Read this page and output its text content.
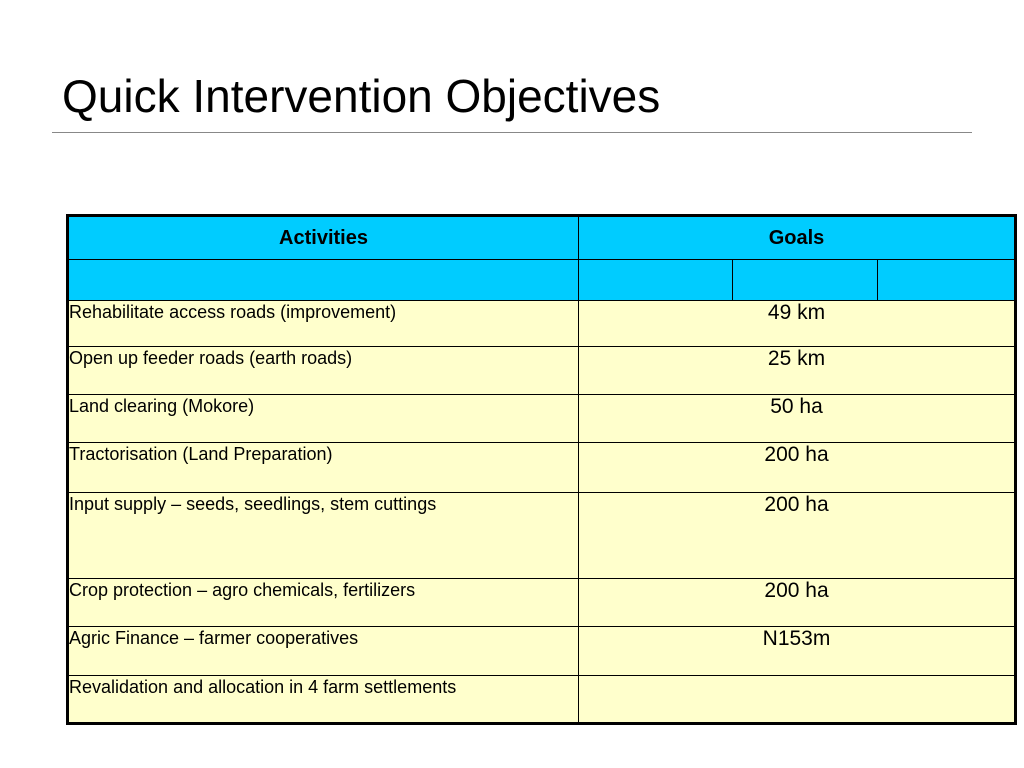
Quick Intervention Objectives
Activities	Goals		

Rehabilitate access roads (improvement)	49 km		
Open up feeder roads (earth roads)	25 km		
Land clearing (Mokore)	50 ha		
Tractorisation (Land Preparation)	200 ha		
Input supply – seeds, seedlings, stem cuttings	200 ha		
Crop protection – agro chemicals, fertilizers	200 ha		
Agric Finance – farmer cooperatives	N153m		
Revalidation and allocation in 4 farm settlements			
